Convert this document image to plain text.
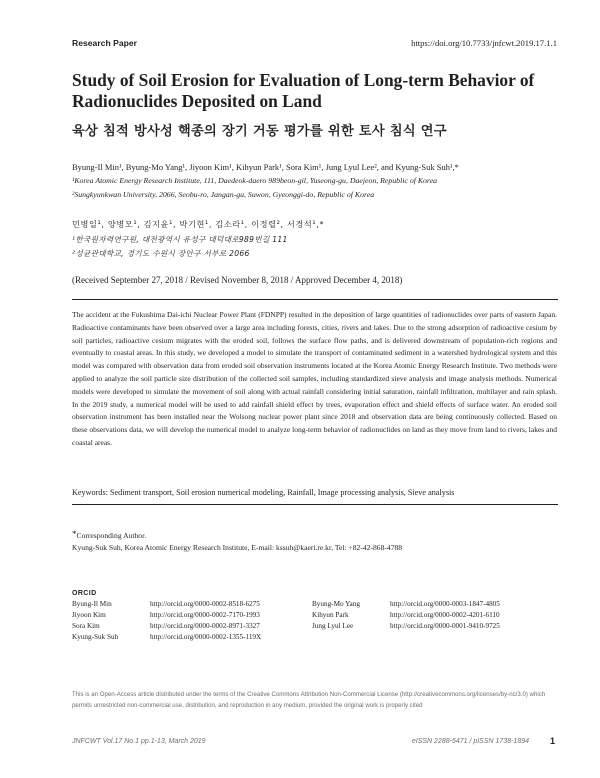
Research Paper	https://doi.org/10.7733/jnfcwt.2019.17.1.1
Study of Soil Erosion for Evaluation of Long-term Behavior of Radionuclides Deposited on Land
육상 침적 방사성 핵종의 장기 거동 평가를 위한 토사 침식 연구

Byung-Il Min¹, Byung-Mo Yang¹, Jiyoon Kim¹, Kihyun Park¹, Sora Kim¹, Jung Lyul Lee², and Kyung-Suk Suh¹,*

¹Korea Atomic Energy Research Institute, 111, Daedeok-daero 989beon-gil, Yuseong-gu, Daejeon, Republic of Korea

²Sungkyunkwan University, 2066, Seobu-ro, Jangan-gu, Suwon, Gyeonggi-do, Republic of Korea

민병일¹, 양병모¹, 김지윤¹, 박기현¹, 김소라¹, 이정렬², 서경석¹,*

¹한국원자력연구원, 대전광역시 유성구 대덕대로989번길 111

²성균관대학교, 경기도 수원시 장안구 서부로 2066

(Received September 27, 2018 / Revised November 8, 2018 / Approved December 4, 2018)

The accident at the Fukushima Dai-ichi Nuclear Power Plant (FDNPP) resulted in the deposition of large quantities of radionuclides over parts of eastern Japan. Radioactive contaminants have been observed over a large area including forests, cities, rivers and lakes. Due to the strong adsorption of radioactive cesium by soil particles, radioactive cesium migrates with the eroded soil, follows the surface flow paths, and is delivered downstream of population-rich regions and eventually to coastal areas. In this study, we developed a model to simulate the transport of contaminated sediment in a watershed hydrological system and this model was compared with observation data from eroded soil observation instruments located at the Korea Atomic Energy Research Institute. Two methods were applied to analyze the soil particle size distribution of the collected soil samples, including standardized sieve analysis and image analysis methods. Numerical models were developed to simulate the movement of soil along with actual rainfall considering initial saturation, rainfall infiltration, multilayer and rain splash. In the 2019 study, a numerical model will be used to add rainfall shield effect by trees, evaporation effect and shield effects of surface water. An eroded soil observation instrument has been installed near the Wolsong nuclear power plant since 2018 and observation data are being continuously collected. Based on these observations data, we will develop the numerical model to analyze long-term behavior of radionuclides on land as they move from land to rivers, lakes and coastal areas.

Keywords: Sediment transport, Soil erosion numerical modeling, Rainfall, Image processing analysis, Sieve analysis

*Corresponding Author.
Kyung-Suk Suh, Korea Atomic Energy Research Institute, E-mail: kssuh@kaeri.re.kr, Tel: +82-42-868-4788
ORCID
Byung-Il Min	http://orcid.org/0000-0002-8518-6275	Byung-Mo Yang	http://orcid.org/0000-0003-1847-4805
Jiyoon Kim	http://orcid.org/0000-0002-7170-1993	Kihyun Park	http://orcid.org/0000-0002-4201-6110
Sora Kim	http://orcid.org/0000-0002-8971-3327	Jung Lyul Lee	http://orcid.org/0000-0001-9410-9725
Kyung-Suk Suh	http://orcid.org/0000-0002-1355-119X

This is an Open-Access article distributed under the terms of the Creative Commons Attribution Non-Commercial License (http://creativecommons.org/licenses/by-nc/3.0) which permits unrestricted non-commercial use, distribution, and reproduction in any medium, provided the original work is properly cited

JNFCWT Vol.17 No.1 pp.1-13, March 2019	eISSN 2288-5471 / pISSN 1738-1894 1
